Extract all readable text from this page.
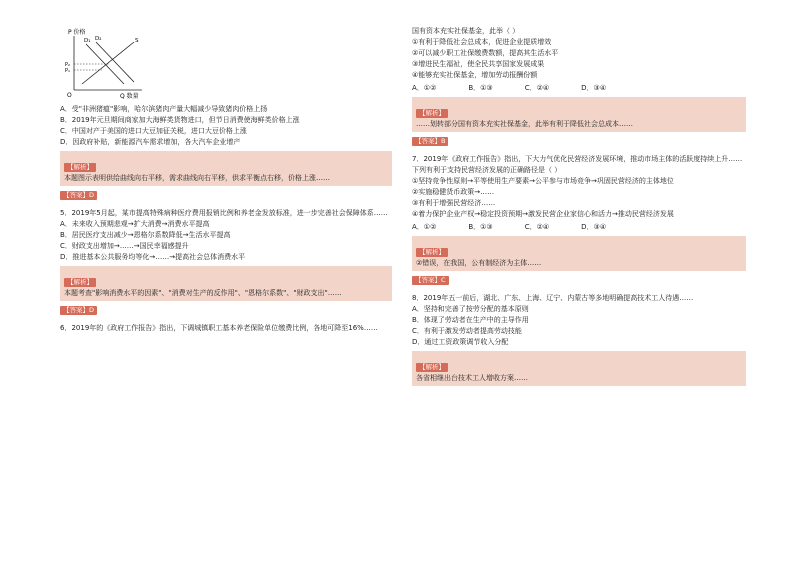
P 价格
O	Q 数量
D₁ D₂	S
P₂
P₁
A．受"非洲猪瘟"影响，哈尔滨猪肉产量大幅减少导致猪肉价格上扬
B．2019年元旦期间商家加大海鲜类货物进口，但节日消费使海鲜类价格上涨
C．中国对产于美国的进口大豆加征关税，进口大豆价格上涨
D．因政府补贴，新能源汽车需求增加，各大汽车企业增产
【解析】
本题图示表明供给曲线向右平移，需求曲线向右平移，供求平衡点右移，价格上涨……
【答案】D
5．2019年5月起，某市提高特殊病种医疗费用报销比例和养老金发放标准，进一步完善社会保障体系……
A．未来收入预期悲观→扩大消费→消费水平提高
B．居民医疗支出减少→恩格尔系数降低→生活水平提高
C．财政支出增加→……→国民幸福感提升
D．推进基本公共服务均等化→……→提高社会总体消费水平
【解析】
本题考查"影响消费水平的因素"、"消费对生产的反作用"、"恩格尔系数"、"财政支出"……
【答案】D
6．2019年的《政府工作报告》指出，下调城镇职工基本养老保险单位缴费比例，各地可降至16%……
国有资本充实社保基金，此举（ ）
①有利于降低社会总成本，促进企业提质增效
②可以减少职工社保缴费数额，提高其生活水平
③增进民生福祉，使全民共享国家发展成果
④能够充实社保基金，增加劳动报酬份额
A．①②	B．①③	C．②④	D．③④
【解析】
……划转部分国有资本充实社保基金，此举有利于降低社会总成本……
【答案】B
7．2019年《政府工作报告》指出，下大力气优化民营经济发展环境，推动市场主体的活跃度持续上升……
下列有利于支持民营经济发展的正确路径是（ ）
①坚持竞争性原则→平等使用生产要素→公平参与市场竞争→巩固民营经济的主体地位
②实施稳健货币政策→……
③有利于增强民营经济……
④着力保护企业产权→稳定投资预期→激发民营企业家信心和活力→推动民营经济发展
A．①②	B．①③	C．②④	D．③④
【解析】
②错误，在我国，公有制经济为主体……
【答案】C
8．2019年五一前后，湖北、广东、上海、辽宁、内蒙古等多地明确提高技术工人待遇……
A．坚持和完善了按劳分配的基本原则
B．体现了劳动者在生产中的主导作用
C．有利于激发劳动者提高劳动技能
D．通过工资政策调节收入分配
【解析】
各省相继出台技术工人增收方案……
